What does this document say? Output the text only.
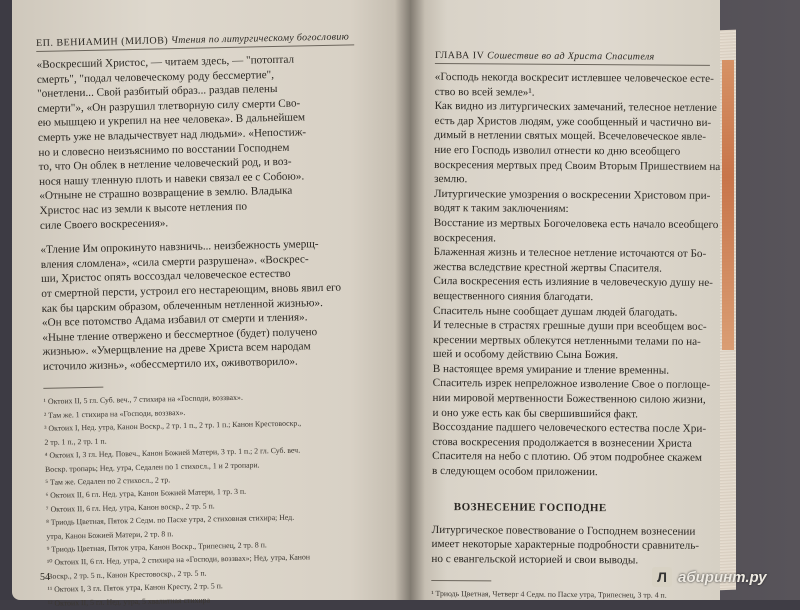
ЕП. ВЕНИАМИН (МИЛОВ) Чтения по литургическому богословию

«Воскресший Христос, — читаем здесь, — "потоптал

смерть", "подал человеческому роду бессмертие",

"онетлени... Свой разбитый образ... раздав пелены

смерти"», «Он разрушил тлетворную силу смерти Сво-

ею мышцею и укрепил на нее человека». В дальнейшем

смерть уже не владычествует над людьми». «Непостиж-

но и словесно неизъяснимо по восстании Господнем

то, что Он облек в нетление человеческий род, и воз-

нося нашу тленную плоть и навеки связал ее с Собою».

«Отныне не страшно возвращение в землю. Владыка

Христос нас из земли к высоте нетления по

силе Своего воскресения».

«Тление Им опрокинуто навзничь... неизбежность умерщ-

вления сломлена», «сила смерти разрушена». «Воскрес-

ши, Христос опять воссоздал человеческое естество

от смертной персти, устроил его нестареющим, вновь явил его

как бы царским образом, облеченным нетленной жизнью».

«Он все потомство Адама избавил от смерти и тления».

«Ныне тление отвержено и бессмертное (будет) получено

жизнью». «Умерщвление на древе Христа всем народам

источило жизнь», «обессмертило их, оживотворило».

¹ Октоих II, 5 гл. Суб. веч., 7 стихира на «Господи, воззвах».

² Там же. 1 стихира на «Господи, воззвах».

³ Октоих I, Нед. утра, Канон Воскр., 2 тр. 1 п., 2 тр. 1 п.; Канон Крестовоскр.,

2 тр. 1 п., 2 тр. 1 п.

⁴ Октоих I, 3 гл. Нед. Повеч., Канон Божией Матери, 3 тр. 1 п.; 2 гл. Суб. веч.

Воскр. тропарь; Нед. утра, Седален по 1 стихосл., 1 и 2 тропари.

⁵ Там же. Седален по 2 стихосл., 2 тр.

⁶ Октоих II, 6 гл. Нед. утра, Канон Божией Матери, 1 тр. 3 п.

⁷ Октоих II, 6 гл. Нед. утра, Канон воскр., 2 тр. 5 п.

⁸ Триодь Цветная, Пяток 2 Седм. по Пасхе утра, 2 стиховная стихира; Нед.

утра, Канон Божией Матери, 2 тр. 8 п.

⁹ Триодь Цветная, Пяток утра, Канон Воскр., Трипеснец, 2 тр. 8 п.

¹⁰ Октоих II, 6 гл. Нед. утра, 2 стихира на «Господи, воззвах»; Нед. утра, Канон

Воскр., 2 тр. 5 п., Канон Крестовоскр., 2 тр. 5 п.

¹¹ Октоих I, 3 гл. Пяток утра, Канон Кресту, 2 тр. 5 п.

¹² Октоих II, 5 гл. Нед. утра, 5 хвалитная стихира

54
ГЛАВА IV Сошествие во ад Христа Спасителя

«Господь некогда воскресит истлевшее человеческое есте-

ство во всей земле»¹.

Как видно из литургических замечаний, телесное нетление

есть дар Христов людям, уже сообщенный и частично ви-

димый в нетлении святых мощей. Всечеловеческое явле-

ние его Господь изволил отнести ко дню всеобщего

воскресения мертвых пред Своим Вторым Пришествием на

землю.

Литургические умозрения о воскресении Христовом при-

водят к таким заключениям:

Восстание из мертвых Богочеловека есть начало всеобщего

воскресения.

Блаженная жизнь и телесное нетление источаются от Бо-

жества вследствие крестной жертвы Спасителя.

Сила воскресения есть излияние в человеческую душу не-

вещественного сияния благодати.

Спаситель ныне сообщает душам людей благодать.

И телесные в страстях грешные души при всеобщем вос-

кресении мертвых облекутся нетленными телами по на-

шей и особому действию Сына Божия.

В настоящее время умирание и тление временны.

Спаситель изрек непреложное изволение Свое о поглоще-

нии мировой мертвенности Божественною силою жизни,

и оно уже есть как бы свершившийся факт.

Воссоздание падшего человеческого естества после Хри-

стова воскресения продолжается в вознесении Христа

Спасителя на небо с плотию. Об этом подробнее скажем

в следующем особом приложении.

ВОЗНЕСЕНИЕ ГОСПОДНЕ

Литургическое повествование о Господнем вознесении

имеет некоторые характерные подробности сравнитель-

но с евангельской историей и свои выводы.

¹ Триодь Цветная, Четверг 4 Седм. по Пасхе утра, Трипеснец, 3 тр. 4 п.

Л абиринт.ру
